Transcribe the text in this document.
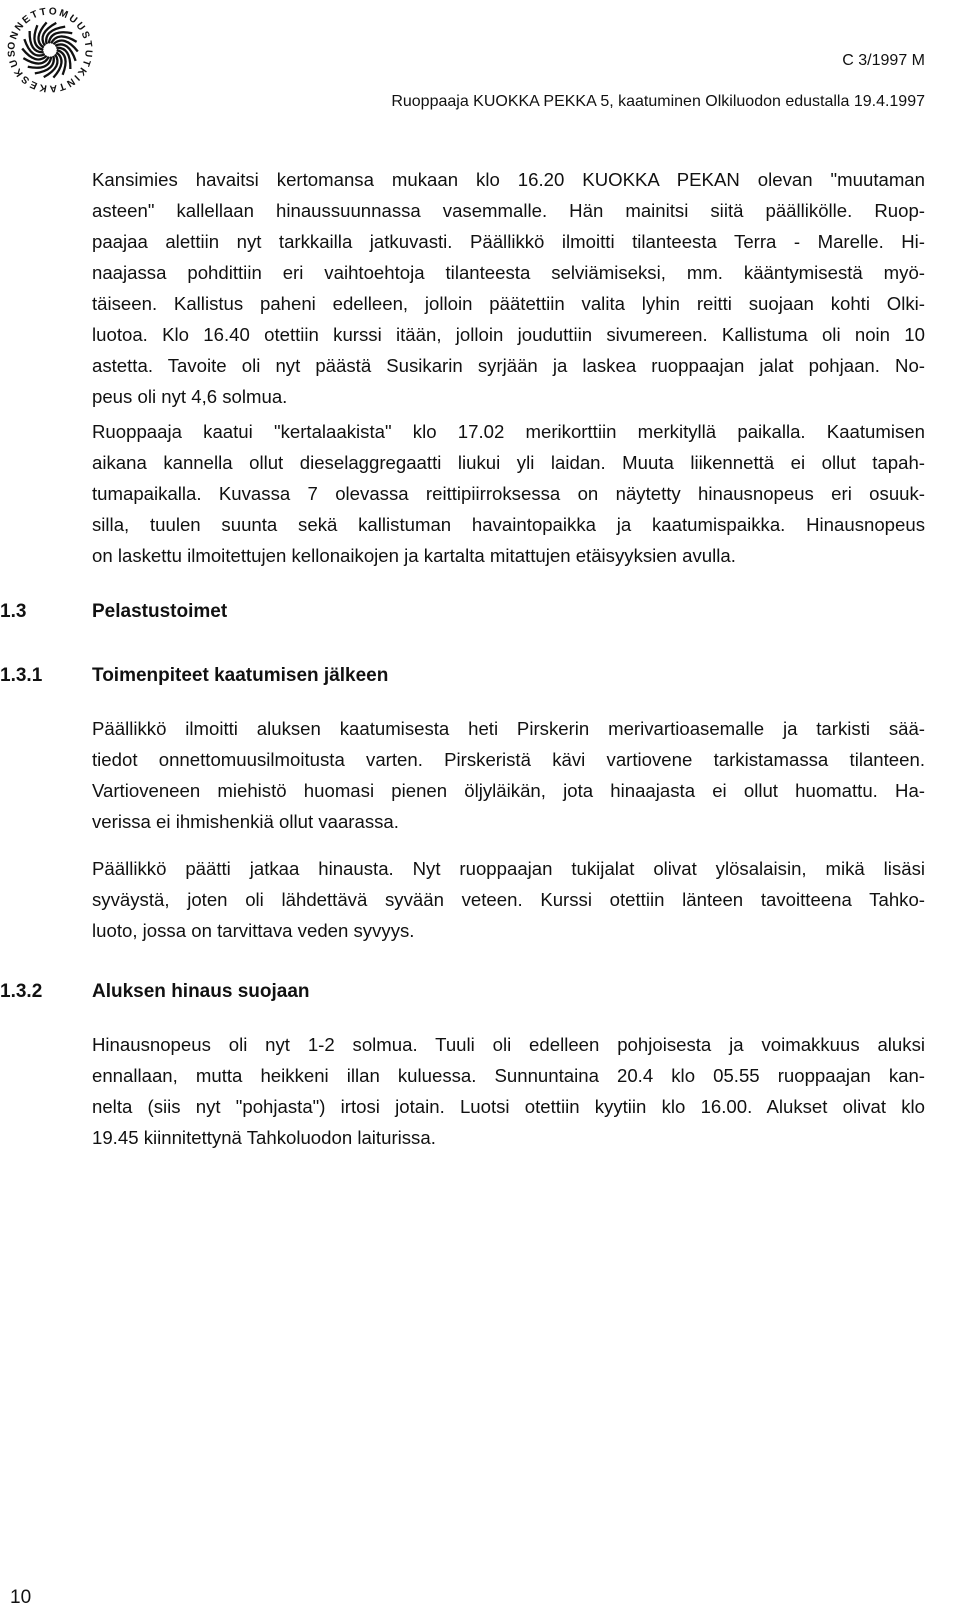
ONNETTOMUUSTUTKINTAKESKUS	C 3/1997 M
Ruoppaaja KUOKKA PEKKA 5, kaatuminen Olkiluodon edustalla 19.4.1997

Kansimies havaitsi kertomansa mukaan klo 16.20 KUOKKA PEKAN olevan "muutaman
asteen" kallellaan hinaussuunnassa vasemmalle. Hän mainitsi siitä päällikölle. Ruop-
paajaa alettiin nyt tarkkailla jatkuvasti. Päällikkö ilmoitti tilanteesta Terra - Marelle. Hi-
naajassa pohdittiin eri vaihtoehtoja tilanteesta selviämiseksi, mm. kääntymisestä myö-
täiseen. Kallistus paheni edelleen, jolloin päätettiin valita lyhin reitti suojaan kohti Olki-
luotoa. Klo 16.40 otettiin kurssi itään, jolloin jouduttiin sivumereen. Kallistuma oli noin 10
astetta. Tavoite oli nyt päästä Susikarin syrjään ja laskea ruoppaajan jalat pohjaan. No-
peus oli nyt 4,6 solmua.

Ruoppaaja kaatui "kertalaakista" klo 17.02 merikorttiin merkityllä paikalla. Kaatumisen
aikana kannella ollut dieselaggregaatti liukui yli laidan. Muuta liikennettä ei ollut tapah-
tumapaikalla. Kuvassa 7 olevassa reittipiirroksessa on näytetty hinausnopeus eri osuuk-
silla, tuulen suunta sekä kallistuman havaintopaikka ja kaatumispaikka. Hinausnopeus
on laskettu ilmoitettujen kellonaikojen ja kartalta mitattujen etäisyyksien avulla.

1.3	Pelastustoimet
1.3.1	Toimenpiteet kaatumisen jälkeen

Päällikkö ilmoitti aluksen kaatumisesta heti Pirskerin merivartioasemalle ja tarkisti sää-
tiedot onnettomuusilmoitusta varten. Pirskeristä kävi vartiovene tarkistamassa tilanteen.
Vartioveneen miehistö huomasi pienen öljyläikän, jota hinaajasta ei ollut huomattu. Ha-
verissa ei ihmishenkiä ollut vaarassa.

Päällikkö päätti jatkaa hinausta. Nyt ruoppaajan tukijalat olivat ylösalaisin, mikä lisäsi
syväystä, joten oli lähdettävä syvään veteen. Kurssi otettiin länteen tavoitteena Tahko-
luoto, jossa on tarvittava veden syvyys.

1.3.2	Aluksen hinaus suojaan

Hinausnopeus oli nyt 1-2 solmua. Tuuli oli edelleen pohjoisesta ja voimakkuus aluksi
ennallaan, mutta heikkeni illan kuluessa. Sunnuntaina 20.4 klo 05.55 ruoppaajan kan-
nelta (siis nyt "pohjasta") irtosi jotain. Luotsi otettiin kyytiin klo 16.00. Alukset olivat klo
19.45 kiinnitettynä Tahkoluodon laiturissa.

10
